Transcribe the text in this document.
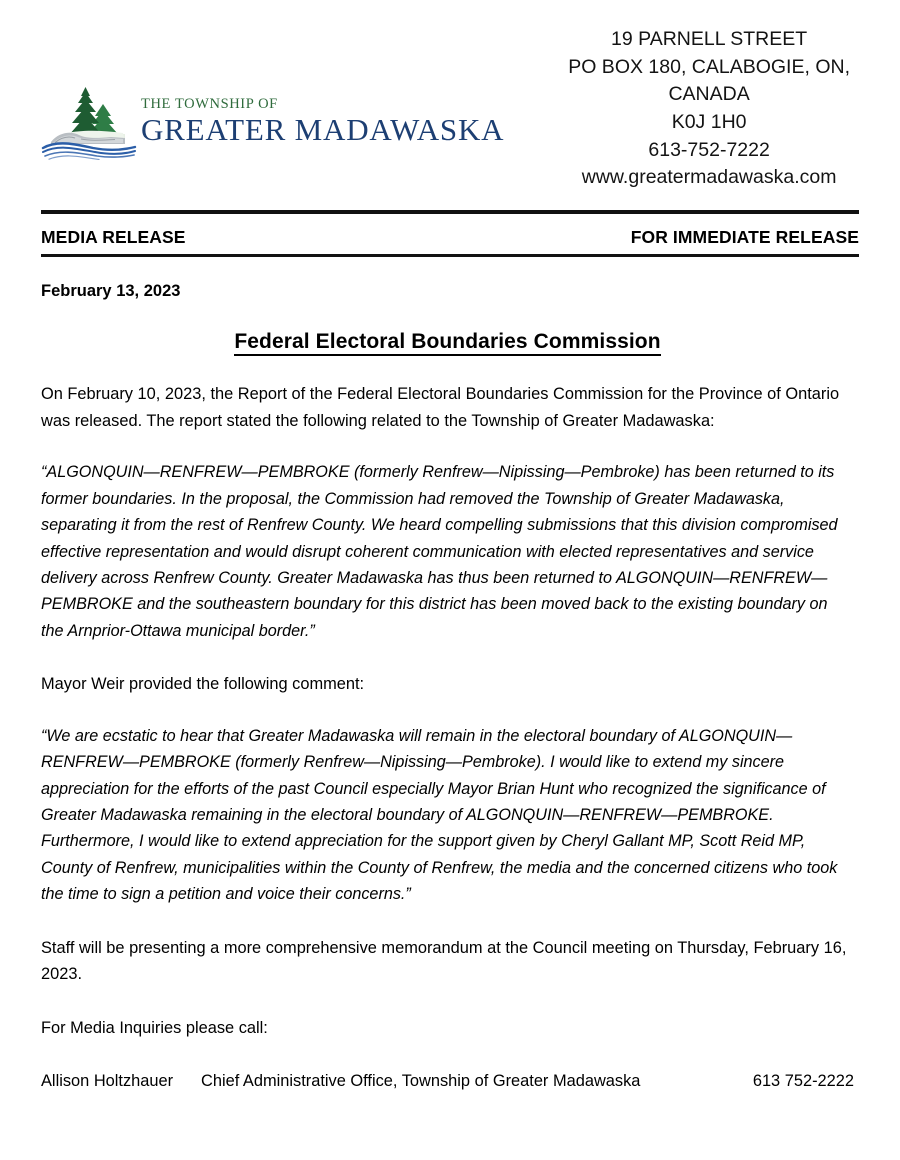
THE TOWNSHIP OF
GREATER MADAWASKA
19 PARNELL STREET
PO BOX 180, CALABOGIE, ON,
CANADA
K0J 1H0
613-752-7222
www.greatermadawaska.com
MEDIA RELEASE	FOR IMMEDIATE RELEASE
February 13, 2023
Federal Electoral Boundaries Commission

On February 10, 2023, the Report of the Federal Electoral Boundaries Commission for the Province of Ontario was released. The report stated the following related to the Township of Greater Madawaska:

“ALGONQUIN—RENFREW—PEMBROKE (formerly Renfrew—Nipissing—Pembroke) has been returned to its former boundaries. In the proposal, the Commission had removed the Township of Greater Madawaska, separating it from the rest of Renfrew County. We heard compelling submissions that this division compromised effective representation and would disrupt coherent communication with elected representatives and service delivery across Renfrew County. Greater Madawaska has thus been returned to ALGONQUIN—RENFREW—PEMBROKE and the southeastern boundary for this district has been moved back to the existing boundary on the Arnprior-Ottawa municipal border.”

Mayor Weir provided the following comment:

“We are ecstatic to hear that Greater Madawaska will remain in the electoral boundary of ALGONQUIN—RENFREW—PEMBROKE (formerly Renfrew—Nipissing—Pembroke). I would like to extend my sincere appreciation for the efforts of the past Council especially Mayor Brian Hunt who recognized the significance of Greater Madawaska remaining in the electoral boundary of ALGONQUIN—RENFREW—PEMBROKE. Furthermore, I would like to extend appreciation for the support given by Cheryl Gallant MP, Scott Reid MP, County of Renfrew, municipalities within the County of Renfrew, the media and the concerned citizens who took the time to sign a petition and voice their concerns.”

Staff will be presenting a more comprehensive memorandum at the Council meeting on Thursday, February 16, 2023.

For Media Inquiries please call:

Allison Holtzhauer	Chief Administrative Office, Township of Greater Madawaska	613 752-2222
